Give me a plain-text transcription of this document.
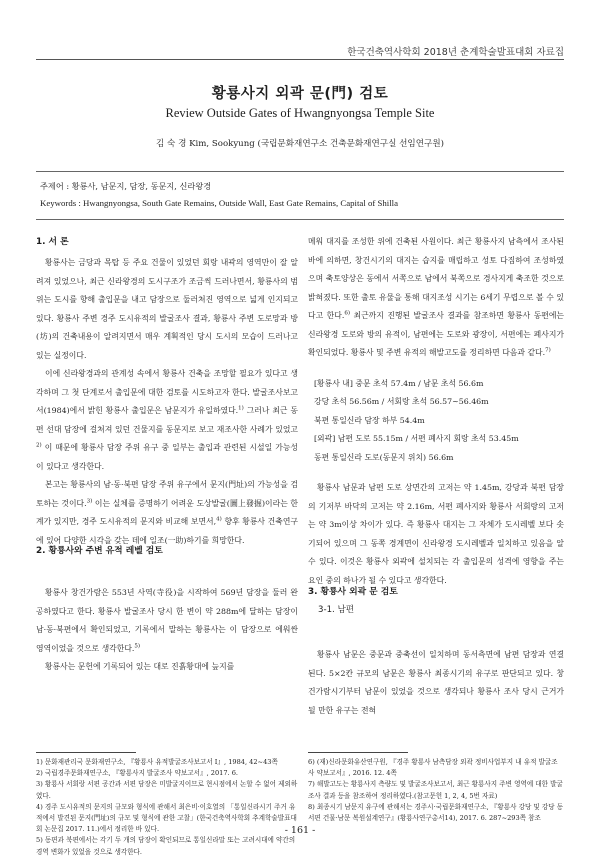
한국건축역사학회 2018년 춘계학술발표대회 자료집
황룡사지 외곽 문(門) 검토
Review Outside Gates of Hwangnyongsa Temple Site
김 숙 경 Kim, Sookyung (국립문화재연구소 건축문화재연구실 선임연구원)
주제어 : 황룡사, 남문지, 담장, 동문지, 신라왕경
Keywords : Hwangnyongsa, South Gate Remains, Outside Wall, East Gate Remains, Capital of Shilla
1. 서 론

황룡사는 금당과 목탑 등 주요 건물이 있었던 회랑 내곽의 영역만이 잘 알려져 있었으나, 최근 신라왕경의 도시구조가 조금씩 드러나면서, 황룡사의 범위는 도시를 향해 출입문을 내고 담장으로 둘러쳐진 영역으로 넓게 인지되고 있다. 황룡사 주변 경주 도시유적의 발굴조사 결과, 황룡사 주변 도로망과 방(坊)의 건축내용이 알려지면서 매우 계획적인 당시 도시의 모습이 드러나고 있는 실정이다.

이에 신라왕경과의 관계성 속에서 황룡사 건축을 조망할 필요가 있다고 생각하며 그 첫 단계로서 출입문에 대한 검토를 시도하고자 한다. 발굴조사보고서(1984)에서 밝힌 황룡사 출입문은 남문지가 유일하였다.$^{1)}$ 그러나 최근 동편 선대 담장에 걸쳐져 있던 건물지를 동문지로 보고 재조사한 사례가 있었고$^{2)}$ 이 때문에 황룡사 담장 주위 유구 중 일부는 출입과 관련된 시설일 가능성이 있다고 생각한다.

본고는 황룡사의 남·동·북편 담장 주위 유구에서 문지(門址)의 가능성을 검토하는 것이다.$^{3)}$ 이는 실체를 증명하기 어려운 도상발굴(圖上發掘)이라는 한계가 있지만, 경주 도시유적의 문지와 비교해 보면서,$^{4)}$ 향후 황룡사 건축연구에 있어 다양한 시각을 갖는 데에 일조(一助)하기를 희망한다.

황룡사 창건가람은 553년 사역(寺役)을 시작하여 569년 담장을 둘러 완공하였다고 한다. 황룡사 발굴조사 당시 한 변이 약 288m에 달하는 담장이 남·동·북편에서 확인되었고, 기록에서 말하는 황룡사는 이 담장으로 에워싼 영역이었을 것으로 생각한다.$^{5)}$

황룡사는 문헌에 기록되어 있는 대로 진흙황대에 늪지를

2. 황룡사와 주변 유적 레벨 검토

메워 대지를 조성한 위에 건축된 사원이다. 최근 황룡사지 남측에서 조사된 바에 의하면, 창건시기의 대지는 습지를 매립하고 성토 다짐하여 조성하였으며 축토양상은 동에서 서쪽으로 남에서 북쪽으로 경사지게 축조한 것으로 밝혀졌다. 또한 출토 유물을 통해 대지조성 시기는 6세기 무렵으로 볼 수 있다고 한다.$^{6)}$ 최근까지 진행된 발굴조사 결과를 참조하면 황룡사 동편에는 신라왕경 도로와 방의 유적이, 남편에는 도로와 광장이, 서편에는 폐사지가 확인되었다. 황룡사 및 주변 유적의 해발고도를 정리하면 다음과 같다.$^{7)}$

[황룡사 내] 중문 초석 57.4m / 남문 초석 56.6m
강당 초석 56.56m / 서회랑 초석 56.57~56.46m
북편 통일신라 담장 하부 54.4m
[외곽] 남편 도로 55.15m / 서편 폐사지 회랑 초석 53.45m
동편 통일신라 도로(동문지 위치) 56.6m

황룡사 남문과 남편 도로 상면간의 고저는 약 1.45m, 강당과 북편 담장의 기저부 바닥의 고저는 약 2.16m, 서편 폐사지와 황룡사 서회랑의 고저는 약 3m이상 차이가 있다. 즉 황룡사 대지는 그 자체가 도시레벨 보다 솟기되어 있으며 그 동쪽 경계면이 신라왕경 도시레벨과 일치하고 있음을 알 수 있다. 이것은 황룡사 외곽에 설치되는 각 출입문의 성격에 영향을 주는 요인 중의 하나가 될 수 있다고 생각한다.

황룡사 남문은 중문과 중축선이 일치하며 동서측면에 남편 담장과 연결된다. 5×2칸 규모의 남문은 황룡사 최종시기의 유구로 판단되고 있다. 창건가람시기부터 남문이 있었을 것으로 생각되나 황룡사 조사 당시 근거가 될 만한 유구는 전혀

3. 황룡사 외곽 문 검토
3-1. 남편
1) 문화재관리국 문화재연구소, 『황룡사 유적발굴조사보고서 I』, 1984, 42~43쪽
2) 국립경주문화재연구소, 『황룡사지 발굴조사 약보고서』, 2017. 6.
3) 황룡사 서회랑 서편 공간과 서편 담장은 미발굴지이므로 현시점에서 논할 수 없어 제외하였다.
4) 경주 도시유적의 문지의 규모와 형식에 관해서 최은비·이호열의 「통일신라시기 주거 유적에서 발견된 문지(門址)의 규모 및 형식에 관한 고찰」(한국건축역사학회 추계학술발표대회 논문집 2017. 11.)에서 정리한 바 있다.
5) 동편과 북편에서는 각기 두 개의 담장이 확인되므로 통일신라말 또는 고려시대에 약간의 경역 변화가 있었을 것으로 생각한다.
6) (재)신라문화유산연구원, 『경주 황룡사 남측담장 외곽 정비사업부지 내 유적 발굴조사 약보고서』, 2016. 12. 4쪽
7) 해발고도는 황룡사지 측량도 및 발굴조사보고서, 최근 황룡사지 주변 영역에 대한 발굴조사 결과 등을 참조하여 정리하였다.(참고문헌 1, 2, 4, 5번 자료)
8) 최종시기 남문지 유구에 관해서는 경주시·국립문화재연구소, 『황룡사 강당 및 강당 동서편 건물·남문 복원설계연구』(황룡사연구총서14), 2017. 6. 287~293쪽 참조
- 161 -
